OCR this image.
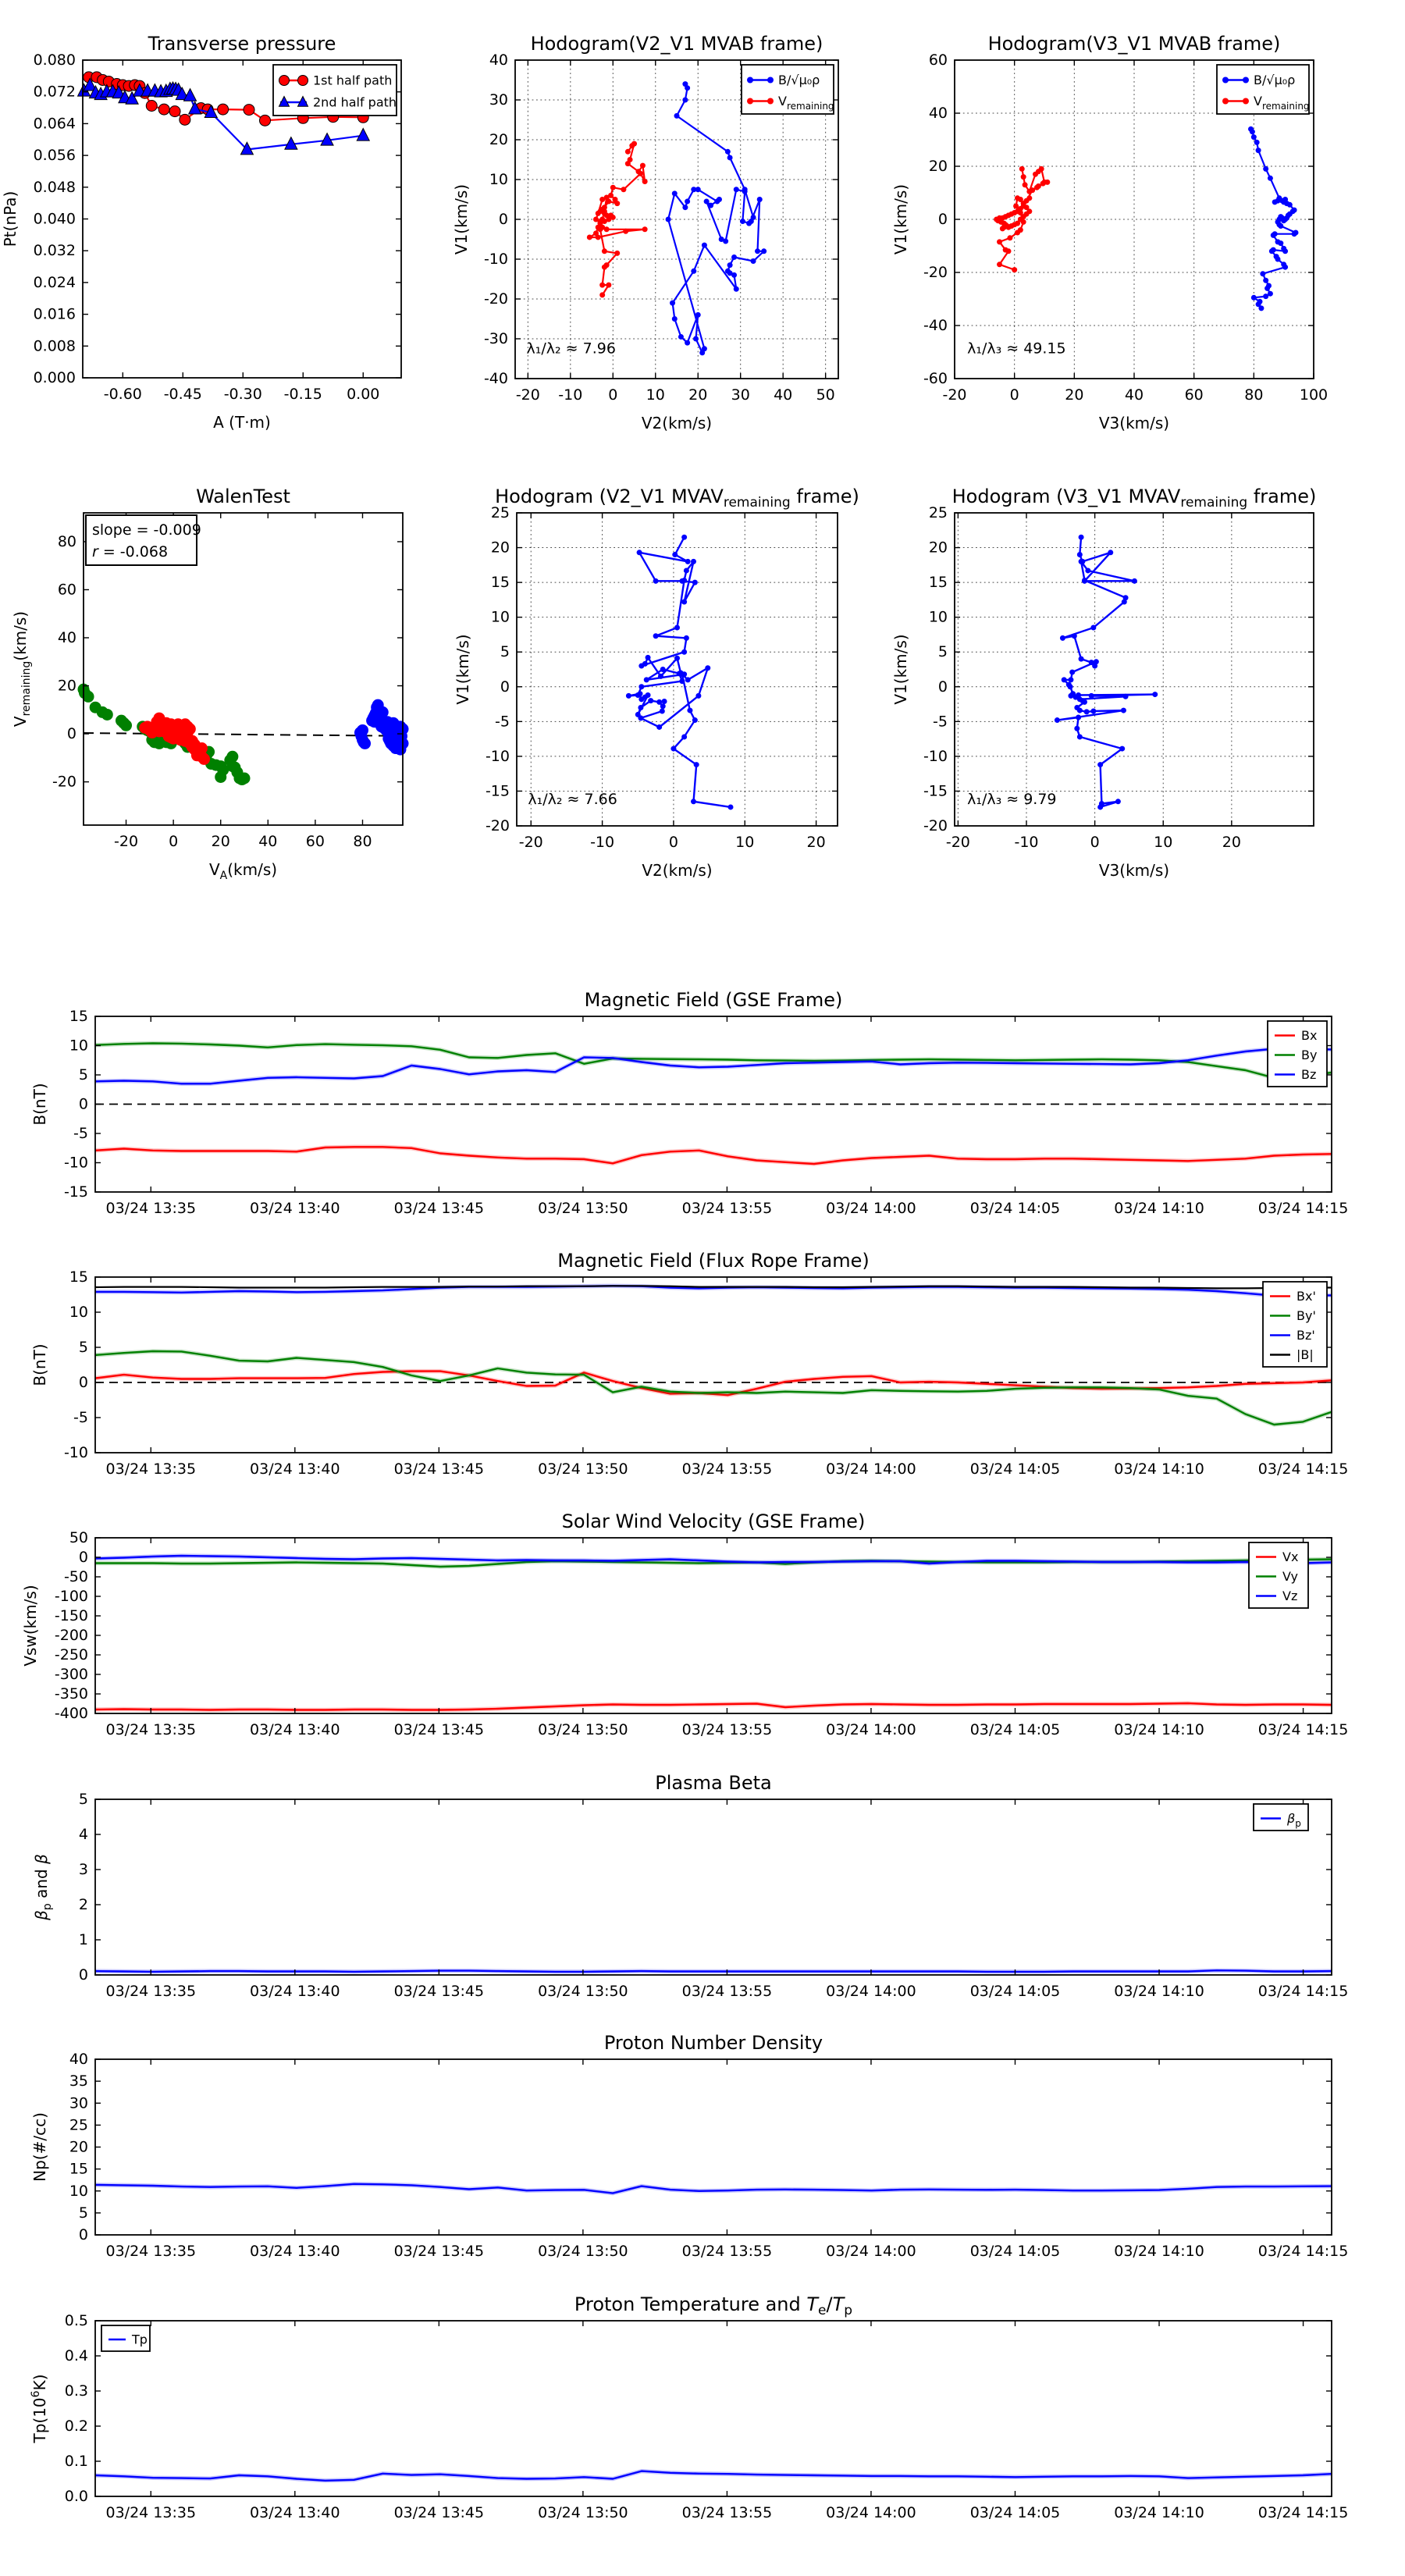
-0.60 -0.45 -0.30 -0.15 0.00
0.000
0.008
0.016
0.024
0.032
0.040
0.048
0.056
0.064
0.072
0.080
Transverse pressure
A (T·m)
Pt(nPa)
1st half path
2nd half path
-20 -10 0 10 20 30 40 50
-40
-30
-20
-10
0
10
20
30
40
Hodogram(V2_V1 MVAB frame)
V2(km/s)
V1(km/s)
λ₁/λ₂ ≈ 7.96
B/√μ₀ρ
$V_{remaining}$
-20	0	20	40	60	80 100
-60
-40
-20
0
20
40
60
Hodogram(V3_V1 MVAB frame)
V3(km/s)
V1(km/s)
λ₁/λ₃ ≈ 49.15
B/√μ₀ρ
$V_{remaining}$
-20 0 20 40 60 80
-20
0
20
40
60
80
WalenTest
$V_A(km/s)$
$V_{remaining}(km/s)$
slope = -0.009
r = -0.068
-20	-10	0	10	20
-20
-15
-10
-5
0
5
10
15
20
25
Hodogram (V2_V1 $MVAV_{remaining}$ frame)
V2(km/s)
V1(km/s)
λ₁/λ₂ ≈ 7.66
-20	-10	0	10	20
-20
-15
-10
-5
0
5
10
15
20
25
Hodogram (V3_V1 $MVAV_{remaining}$ frame)
V3(km/s)
V1(km/s)
λ₁/λ₃ ≈ 9.79
03/24 13:35	03/24 13:40	03/24 13:45	03/24 13:50	03/24 13:55	03/24 14:00	03/24 14:05	03/24 14:10	03/24 14:15
-15
-10
-5
0
5
10
15
Magnetic Field (GSE Frame)
B(nT)
Bx
By
Bz
03/24 13:35	03/24 13:40	03/24 13:45	03/24 13:50	03/24 13:55	03/24 14:00	03/24 14:05	03/24 14:10	03/24 14:15
-10
-5
0
5
10
15
Magnetic Field (Flux Rope Frame)
B(nT)
Bx'
By'
Bz'
|B|
03/24 13:35	03/24 13:40	03/24 13:45	03/24 13:50	03/24 13:55	03/24 14:00	03/24 14:05	03/24 14:10	03/24 14:15
-400
-350
-300
-250
-200
-150
-100
-50
0
50
Solar Wind Velocity (GSE Frame)
Vsw(km/s)
Vx
Vy
Vz
03/24 13:35	03/24 13:40	03/24 13:45	03/24 13:50	03/24 13:55	03/24 14:00	03/24 14:05	03/24 14:10	03/24 14:15
0
1
2
3
4
5
Plasma Beta
$\beta_p$ and β
$\beta_p$
03/24 13:35	03/24 13:40	03/24 13:45	03/24 13:50	03/24 13:55	03/24 14:00	03/24 14:05	03/24 14:10	03/24 14:15
0
5
10
15
20
25
30
35
40
Proton Number Density
Np(#/cc)
03/24 13:35	03/24 13:40	03/24 13:45	03/24 13:50	03/24 13:55	03/24 14:00	03/24 14:05	03/24 14:10	03/24 14:15
0.0
0.1
0.2
0.3
0.4
0.5
Proton Temperature and $T_e/T_p$
$Tp(10^6K)$
Tp
